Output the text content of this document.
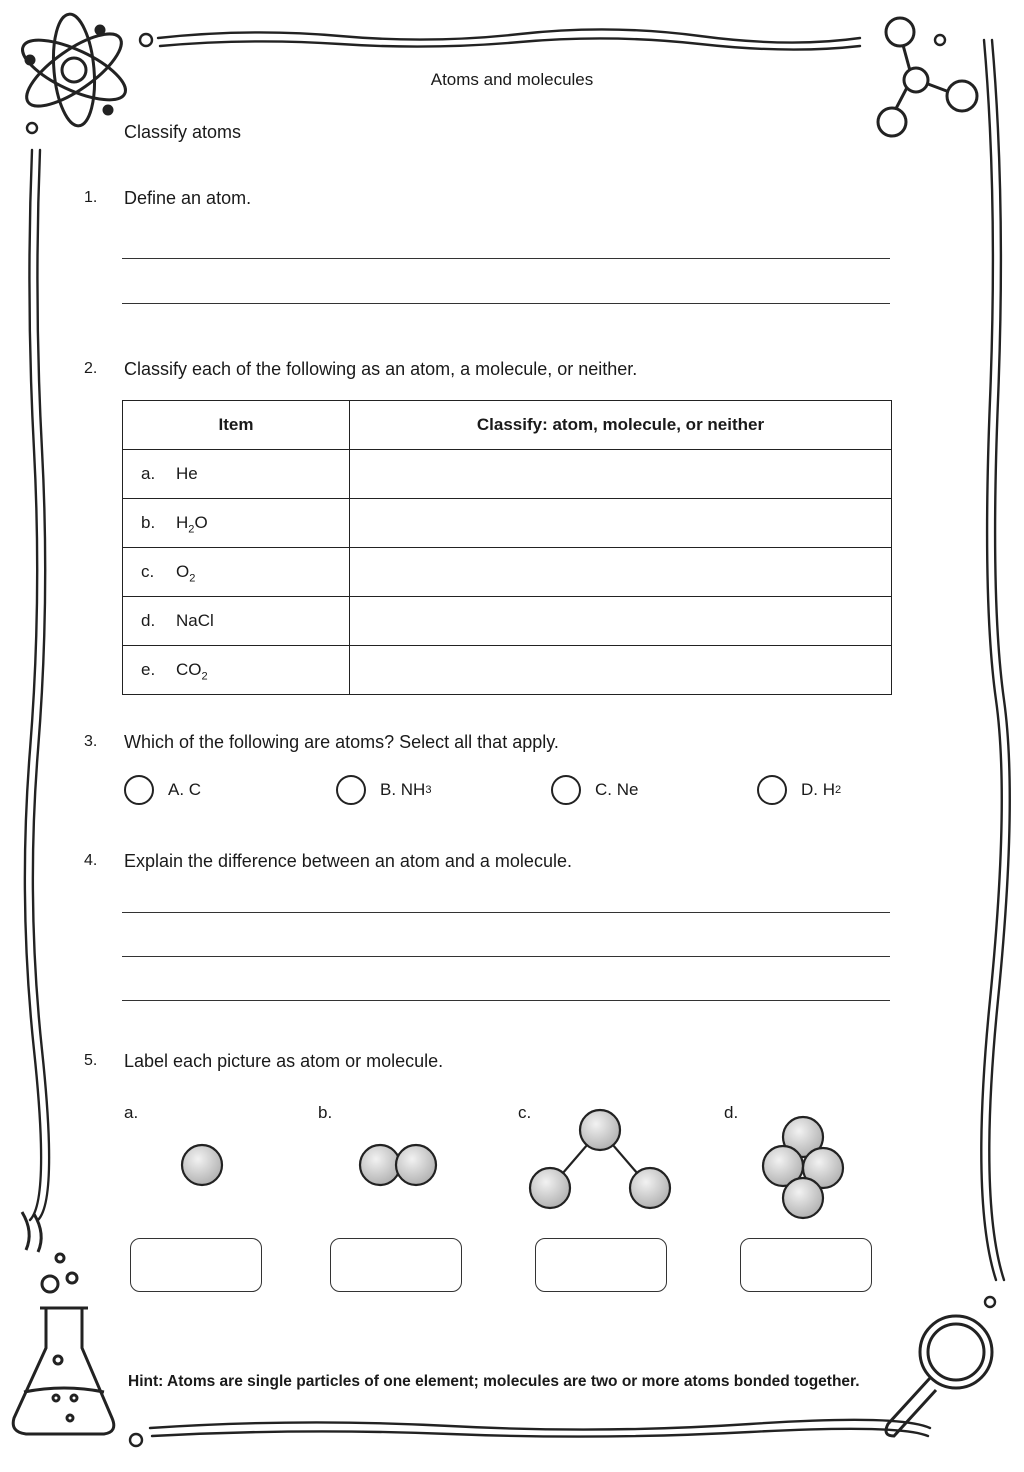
Atoms and molecules
Classify atoms
1. Define an atom.
2. Classify each of the following as an atom, a molecule, or neither.
Item	Classify: atom, molecule, or neither
a. He	
b. $H_2O$	
c. $O_2$	
d. NaCl	
e. $CO_2$	
3. Which of the following are atoms? Select all that apply.
A. C	B. NH 3	C. Ne	D. H 2
4. Explain the difference between an atom and a molecule.
5. Label each picture as atom or molecule.
a.	b.	c.	d.
Hint: Atoms are single particles of one element; molecules are two or more atoms bonded together.
